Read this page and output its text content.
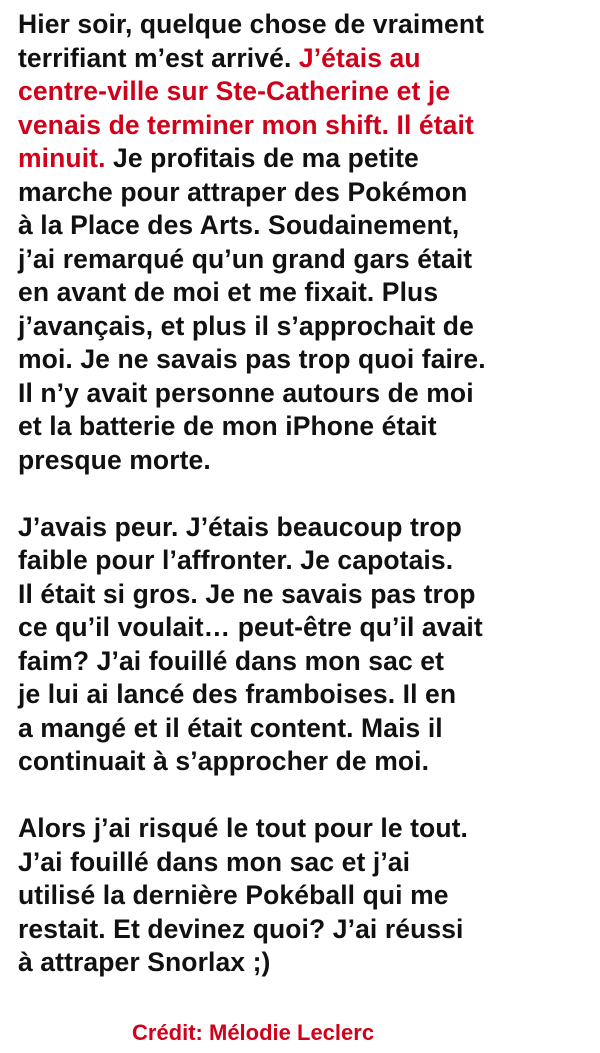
Hier soir, quelque chose de vraiment
terrifiant m’est arrivé. J’étais au
centre-ville sur Ste-Catherine et je
venais de terminer mon shift. Il était
minuit. Je profitais de ma petite
marche pour attraper des Pokémon
à la Place des Arts. Soudainement,
j’ai remarqué qu’un grand gars était
en avant de moi et me fixait. Plus
j’avançais, et plus il s’approchait de
moi. Je ne savais pas trop quoi faire.
Il n’y avait personne autours de moi
et la batterie de mon iPhone était
presque morte.
J’avais peur. J’étais beaucoup trop
faible pour l’affronter. Je capotais.
Il était si gros. Je ne savais pas trop
ce qu’il voulait… peut-être qu’il avait
faim? J’ai fouillé dans mon sac et
je lui ai lancé des framboises. Il en
a mangé et il était content. Mais il
continuait à s’approcher de moi.
Alors j’ai risqué le tout pour le tout.
J’ai fouillé dans mon sac et j’ai
utilisé la dernière Pokéball qui me
restait. Et devinez quoi? J’ai réussi
à attraper Snorlax ;)
Crédit: Mélodie Leclerc
